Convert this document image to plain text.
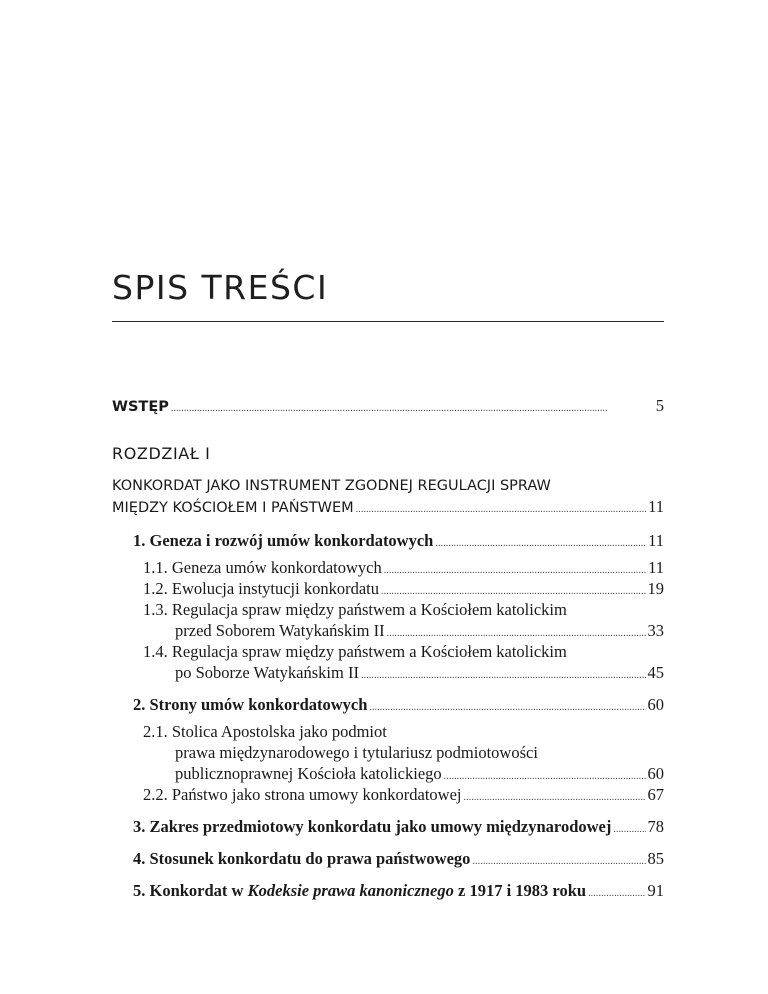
SPIS TREŚCI
WSTĘP . . .	5
ROZDZIAŁ I
KONKORDAT JAKO INSTRUMENT ZGODNEJ REGULACJI SPRAW
MIĘDZY KOŚCIOŁEM I PAŃSTWEM . . .	11
1. Geneza i rozwój umów konkordatowych . . .	11
1.1. Geneza umów konkordatowych . . .	11
1.2. Ewolucja instytucji konkordatu . . .	19
1.3. Regulacja spraw między państwem a Kościołem katolickim
przed Soborem Watykańskim II . . .	33
1.4. Regulacja spraw między państwem a Kościołem katolickim
po Soborze Watykańskim II . . .	45
2. Strony umów konkordatowych . . .	60
2.1. Stolica Apostolska jako podmiot
prawa międzynarodowego i tytulariusz podmiotowości
publicznoprawnej Kościoła katolickiego . . .	60
2.2. Państwo jako strona umowy konkordatowej . . .	67
3. Zakres przedmiotowy konkordatu jako umowy międzynarodowej . . . 78
4. Stosunek konkordatu do prawa państwowego . . .	85
5. Konkordat w Kodeksie prawa kanonicznego z 1917 i 1983 roku . . .	91
